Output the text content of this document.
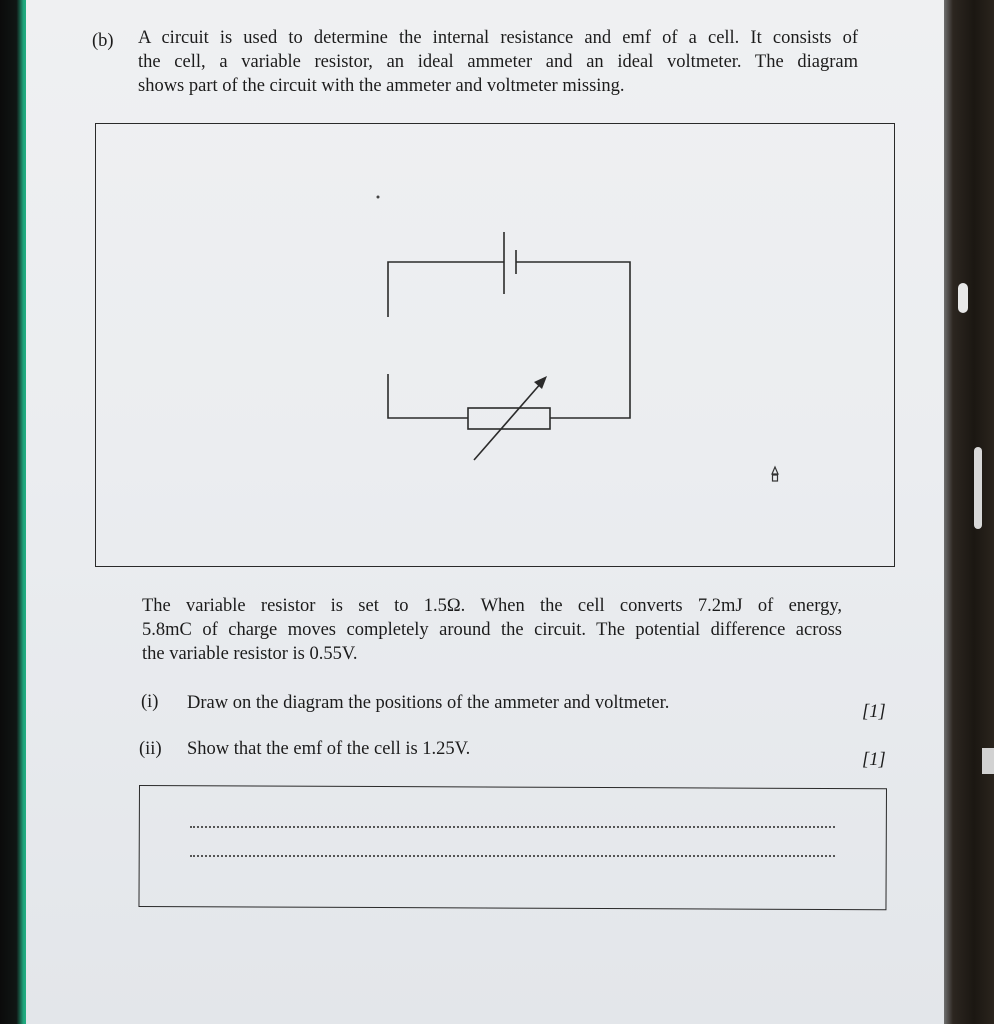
(b) A circuit is used to determine the internal resistance and emf of a cell. It consists of
the cell, a variable resistor, an ideal ammeter and an ideal voltmeter. The diagram
shows part of the circuit with the ammeter and voltmeter missing.
The variable resistor is set to 1.5Ω. When the cell converts 7.2mJ of energy,
5.8mC of charge moves completely around the circuit. The potential difference across
the variable resistor is 0.55V.
(i) Draw on the diagram the positions of the ammeter and voltmeter.	[1]
(ii) Show that the emf of the cell is 1.25V.
[1]
